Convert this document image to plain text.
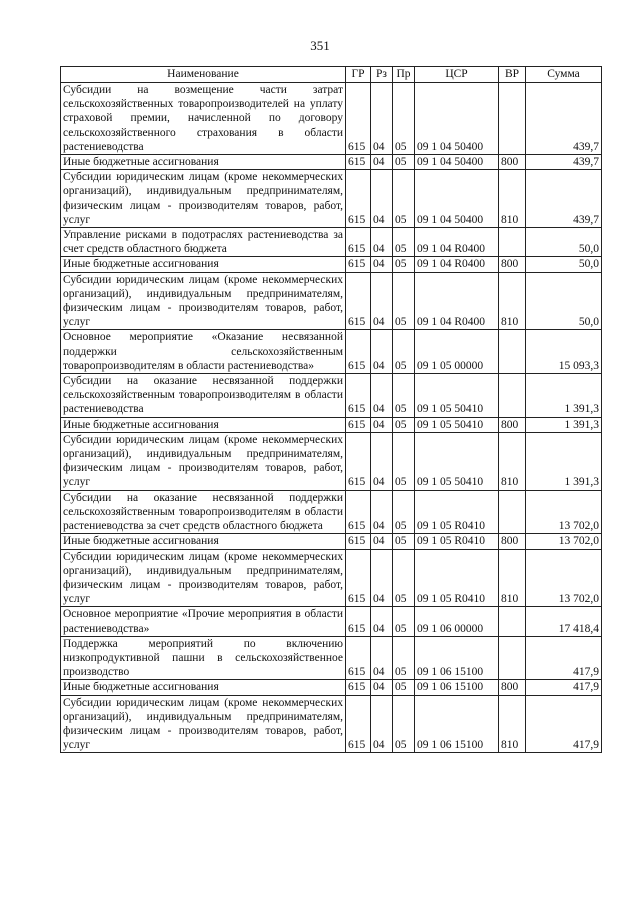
351
Наименование	ГР	Рз	Пр	ЦСР	ВР	Сумма
Субсидии на возмещение части затрат сельскохозяйственных товаропроизводителей на уплату страховой премии, начисленной по договору сельскохозяйственного страхования в области растениеводства	615	04	05	09 1 04 50400		439,7
Иные бюджетные ассигнования	615	04	05	09 1 04 50400	800	439,7
Субсидии юридическим лицам (кроме некоммерческих организаций), индивидуальным предпринимателям, физическим лицам - производителям товаров, работ, услуг	615	04	05	09 1 04 50400	810	439,7
Управление рисками в подотраслях растениеводства за счет средств областного бюджета	615	04	05	09 1 04 R0400		50,0
Иные бюджетные ассигнования	615	04	05	09 1 04 R0400	800	50,0
Субсидии юридическим лицам (кроме некоммерческих организаций), индивидуальным предпринимателям, физическим лицам - производителям товаров, работ, услуг	615	04	05	09 1 04 R0400	810	50,0
Основное мероприятие «Оказание несвязанной поддержки сельскохозяйственным товаропроизводителям в области растениеводства»	615	04	05	09 1 05 00000		15 093,3
Субсидии на оказание несвязанной поддержки сельскохозяйственным товаропроизводителям в области растениеводства	615	04	05	09 1 05 50410		1 391,3
Иные бюджетные ассигнования	615	04	05	09 1 05 50410	800	1 391,3
Субсидии юридическим лицам (кроме некоммерческих организаций), индивидуальным предпринимателям, физическим лицам - производителям товаров, работ, услуг	615	04	05	09 1 05 50410	810	1 391,3
Субсидии на оказание несвязанной поддержки сельскохозяйственным товаропроизводителям в области растениеводства за счет средств областного бюджета	615	04	05	09 1 05 R0410		13 702,0
Иные бюджетные ассигнования	615	04	05	09 1 05 R0410	800	13 702,0
Субсидии юридическим лицам (кроме некоммерческих организаций), индивидуальным предпринимателям, физическим лицам - производителям товаров, работ, услуг	615	04	05	09 1 05 R0410	810	13 702,0
Основное мероприятие «Прочие мероприятия в области растениеводства»	615	04	05	09 1 06 00000		17 418,4
Поддержка мероприятий по включению низкопродуктивной пашни в сельскохозяйственное производство	615	04	05	09 1 06 15100		417,9
Иные бюджетные ассигнования	615	04	05	09 1 06 15100	800	417,9
Субсидии юридическим лицам (кроме некоммерческих организаций), индивидуальным предпринимателям, физическим лицам - производителям товаров, работ, услуг	615	04	05	09 1 06 15100	810	417,9
